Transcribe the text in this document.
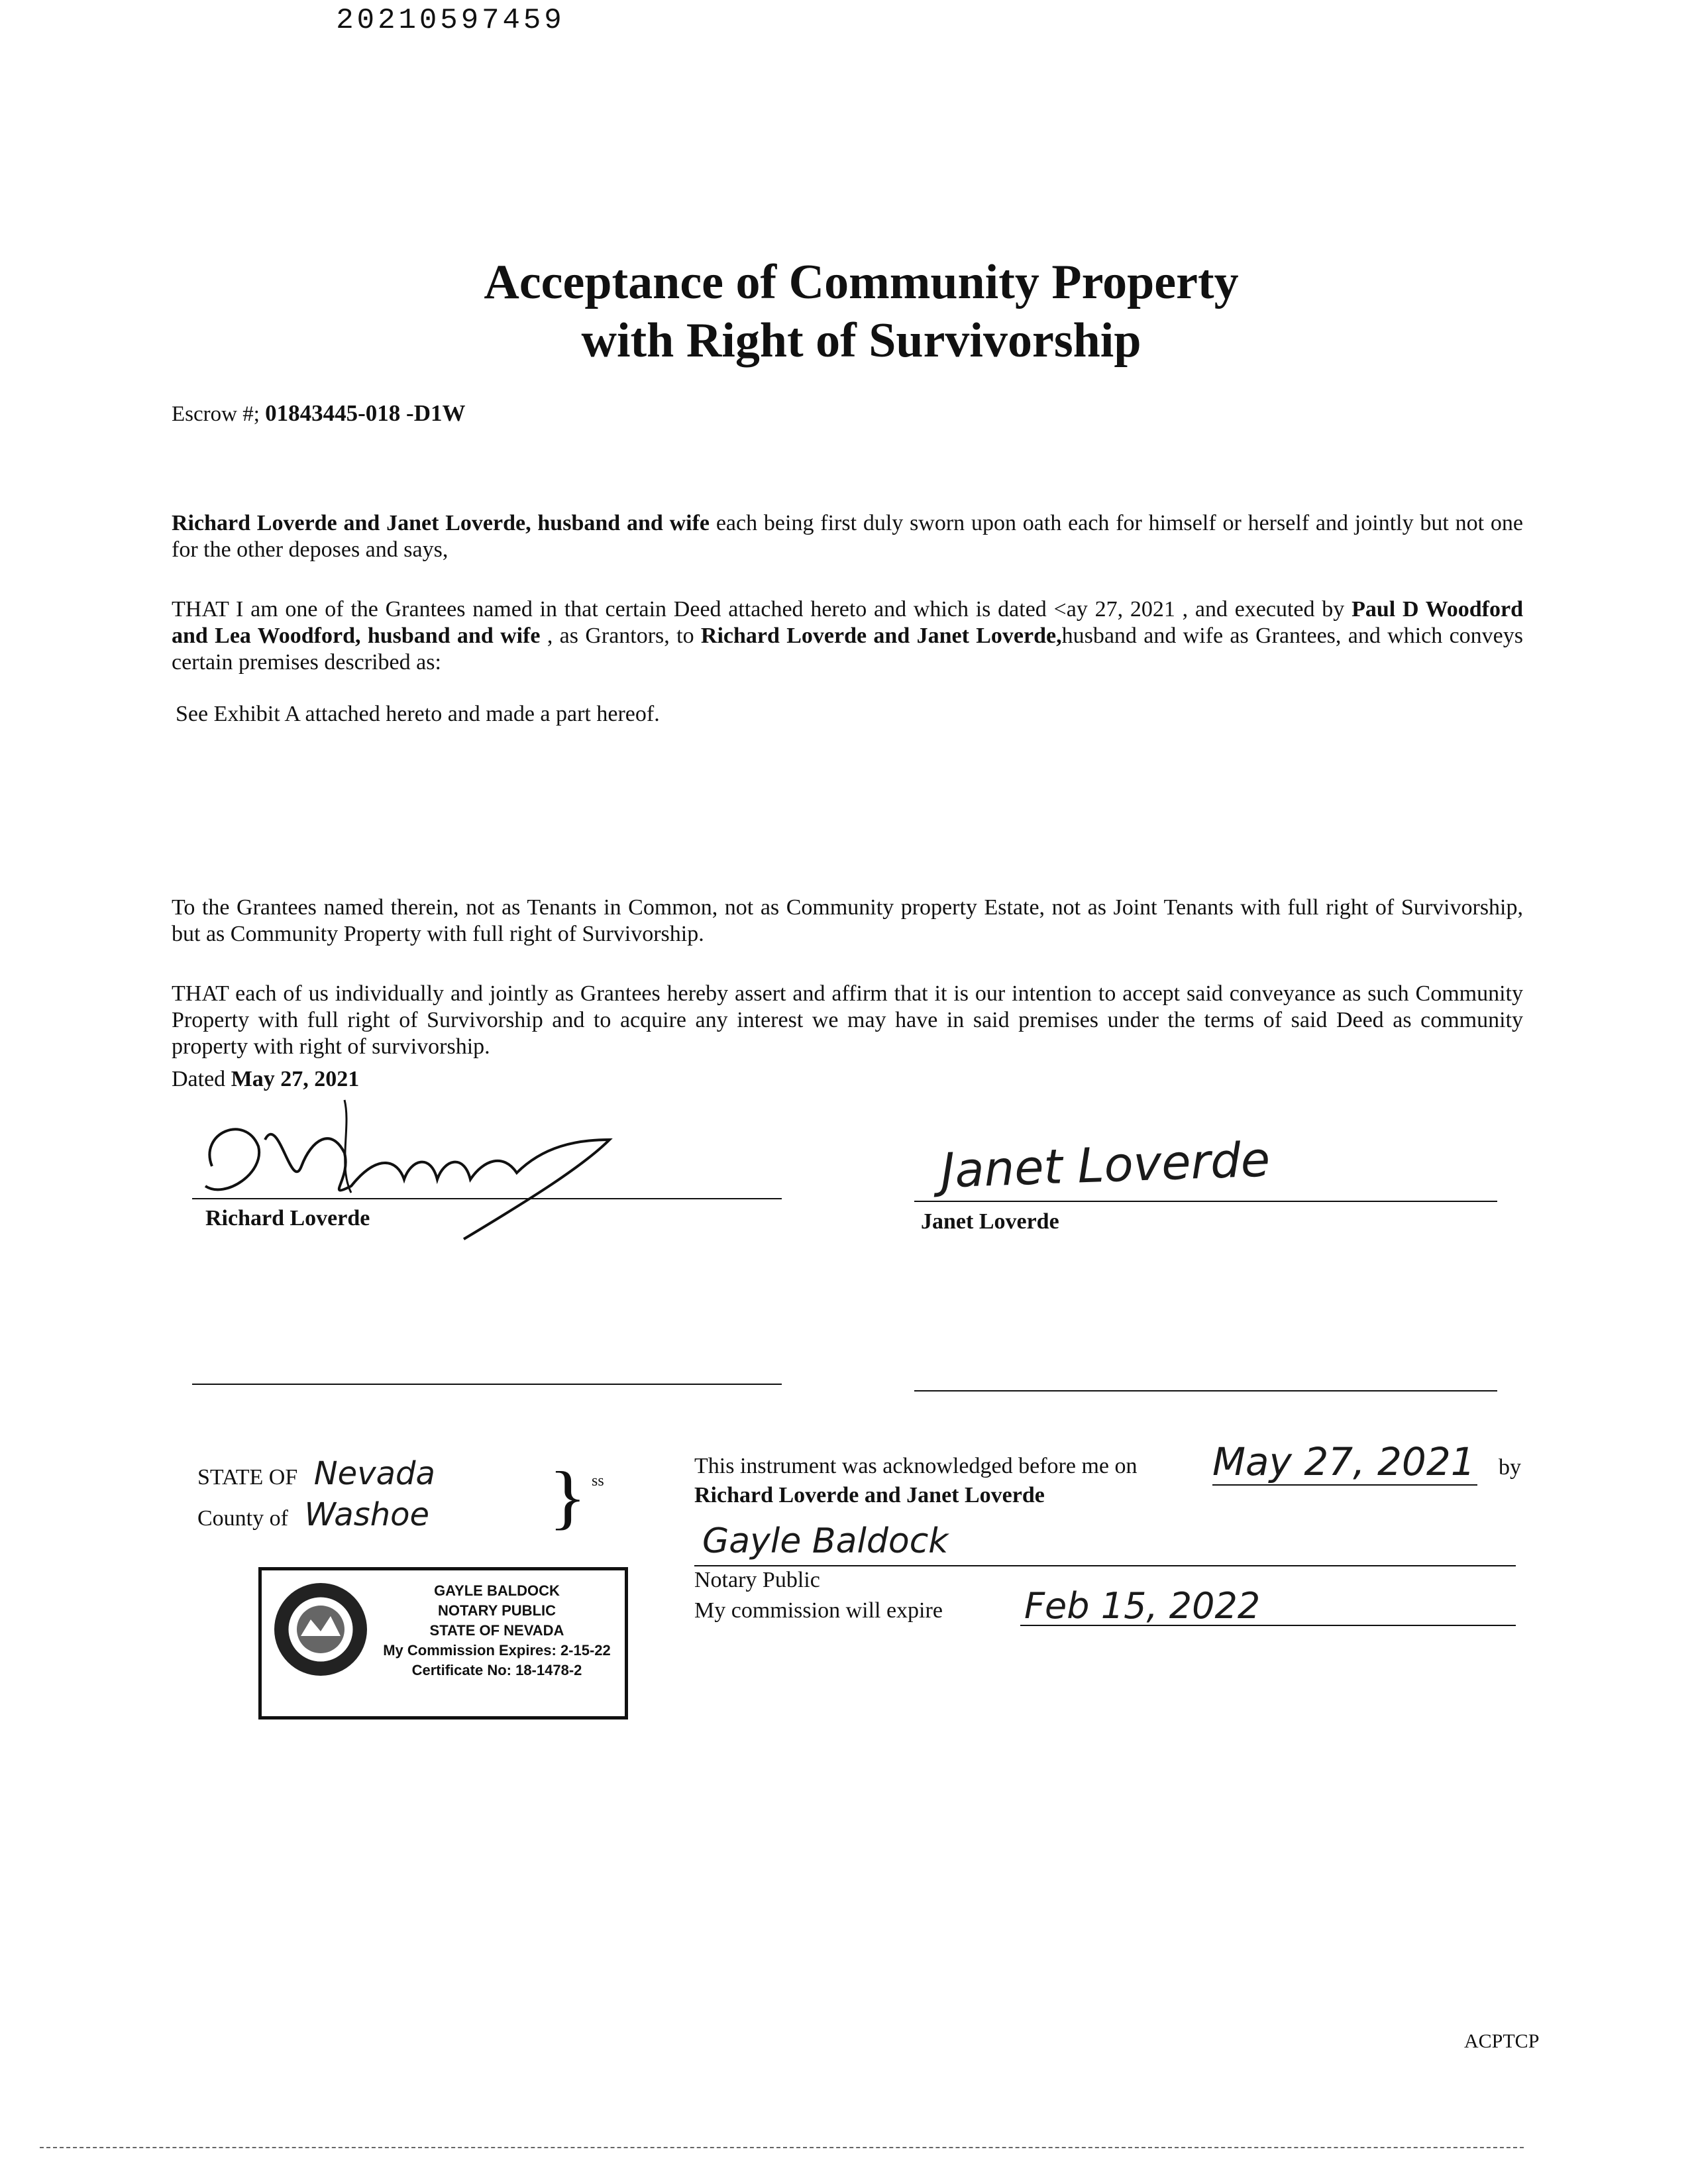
20210597459
Acceptance of Community Property
with Right of Survivorship
Escrow #; 01843445-018 -D1W
Richard Loverde and Janet Loverde, husband and wife each being first duly sworn upon oath each for himself or herself and jointly but not one for the other deposes and says,
THAT I am one of the Grantees named in that certain Deed attached hereto and which is dated <ay 27, 2021 , and executed by Paul D Woodford and Lea Woodford, husband and wife , as Grantors, to Richard Loverde and Janet Loverde,husband and wife as Grantees, and which conveys certain premises described as:
See Exhibit A attached hereto and made a part hereof.
To the Grantees named therein, not as Tenants in Common, not as Community property Estate, not as Joint Tenants with full right of Survivorship, but as Community Property with full right of Survivorship.
THAT each of us individually and jointly as Grantees hereby assert and affirm that it is our intention to accept said conveyance as such Community Property with full right of Survivorship and to acquire any interest we may have in said premises under the terms of said Deed as community property with right of survivorship.
Dated May 27, 2021
Richard Loverde
Janet Loverde
Janet Loverde
STATE OF Nevada
County of Washoe } ss
This instrument was acknowledged before me on May 27, 2021 by
Richard Loverde and Janet Loverde
Gayle Baldock
Notary Public
My commission will expire Feb 15, 2022
GAYLE BALDOCK
NOTARY PUBLIC
STATE OF NEVADA
My Commission Expires: 2-15-22
Certificate No: 18-1478-2
ACPTCP
